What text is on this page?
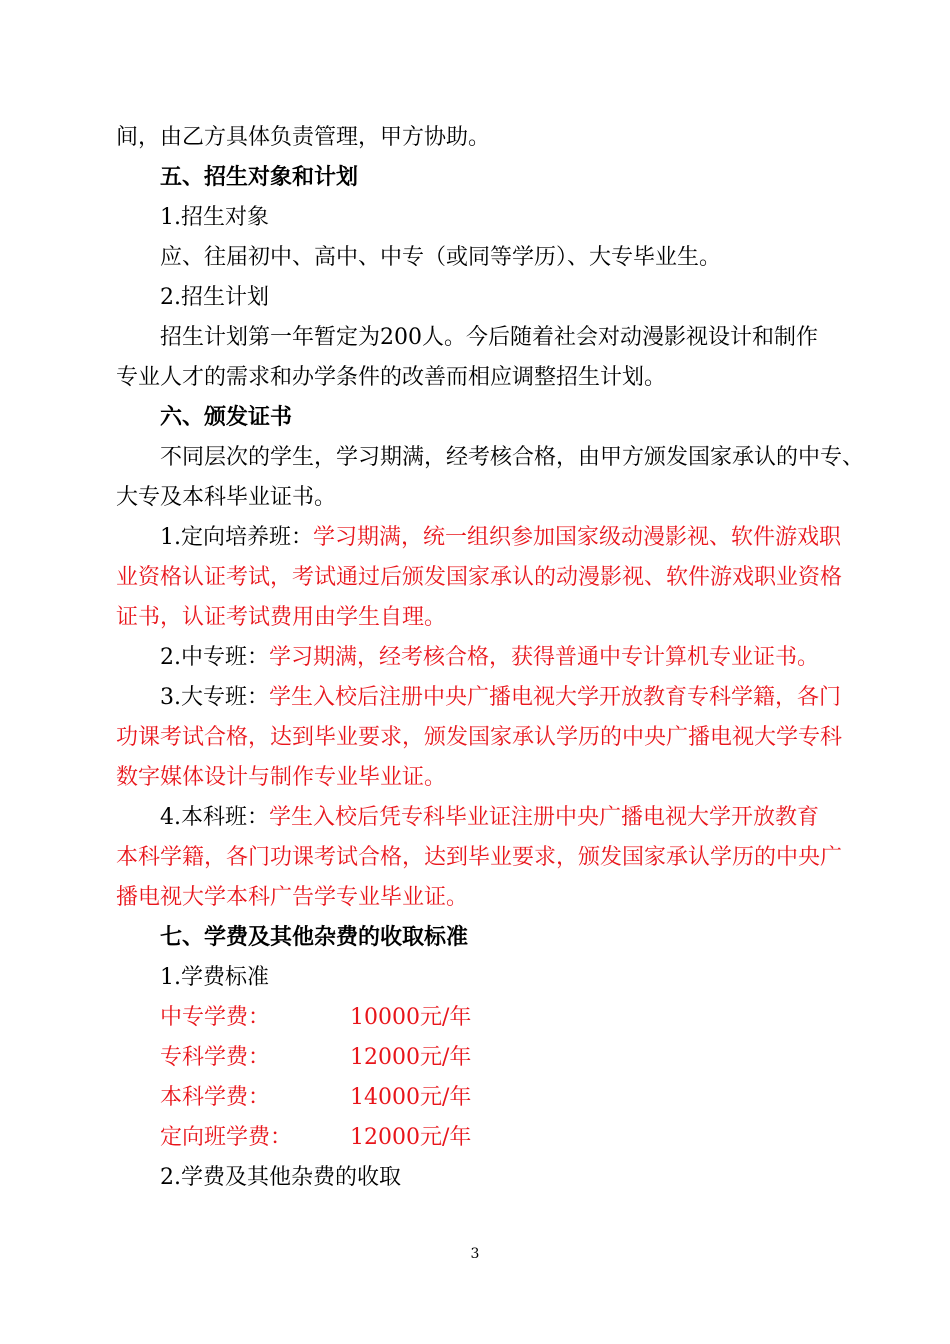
间，由乙方具体负责管理，甲方协助。
五、招生对象和计划
1.招生对象
应、往届初中、高中、中专（或同等学历）、大专毕业生。
2.招生计划
招生计划第一年暂定为200人。今后随着社会对动漫影视设计和制作
专业人才的需求和办学条件的改善而相应调整招生计划。
六、颁发证书
不同层次的学生，学习期满，经考核合格，由甲方颁发国家承认的中专、
大专及本科毕业证书。
1.定向培养班：学习期满，统一组织参加国家级动漫影视、软件游戏职
业资格认证考试，考试通过后颁发国家承认的动漫影视、软件游戏职业资格
证书，认证考试费用由学生自理。
2.中专班：学习期满，经考核合格，获得普通中专计算机专业证书。
3.大专班：学生入校后注册中央广播电视大学开放教育专科学籍，各门
功课考试合格，达到毕业要求，颁发国家承认学历的中央广播电视大学专科
数字媒体设计与制作专业毕业证。
4.本科班：学生入校后凭专科毕业证注册中央广播电视大学开放教育
本科学籍，各门功课考试合格，达到毕业要求，颁发国家承认学历的中央广
播电视大学本科广告学专业毕业证。
七、学费及其他杂费的收取标准
1.学费标准
中专学费：	10000元/年
专科学费：	12000元/年
本科学费：	14000元/年
定向班学费：	12000元/年
2.学费及其他杂费的收取
3
